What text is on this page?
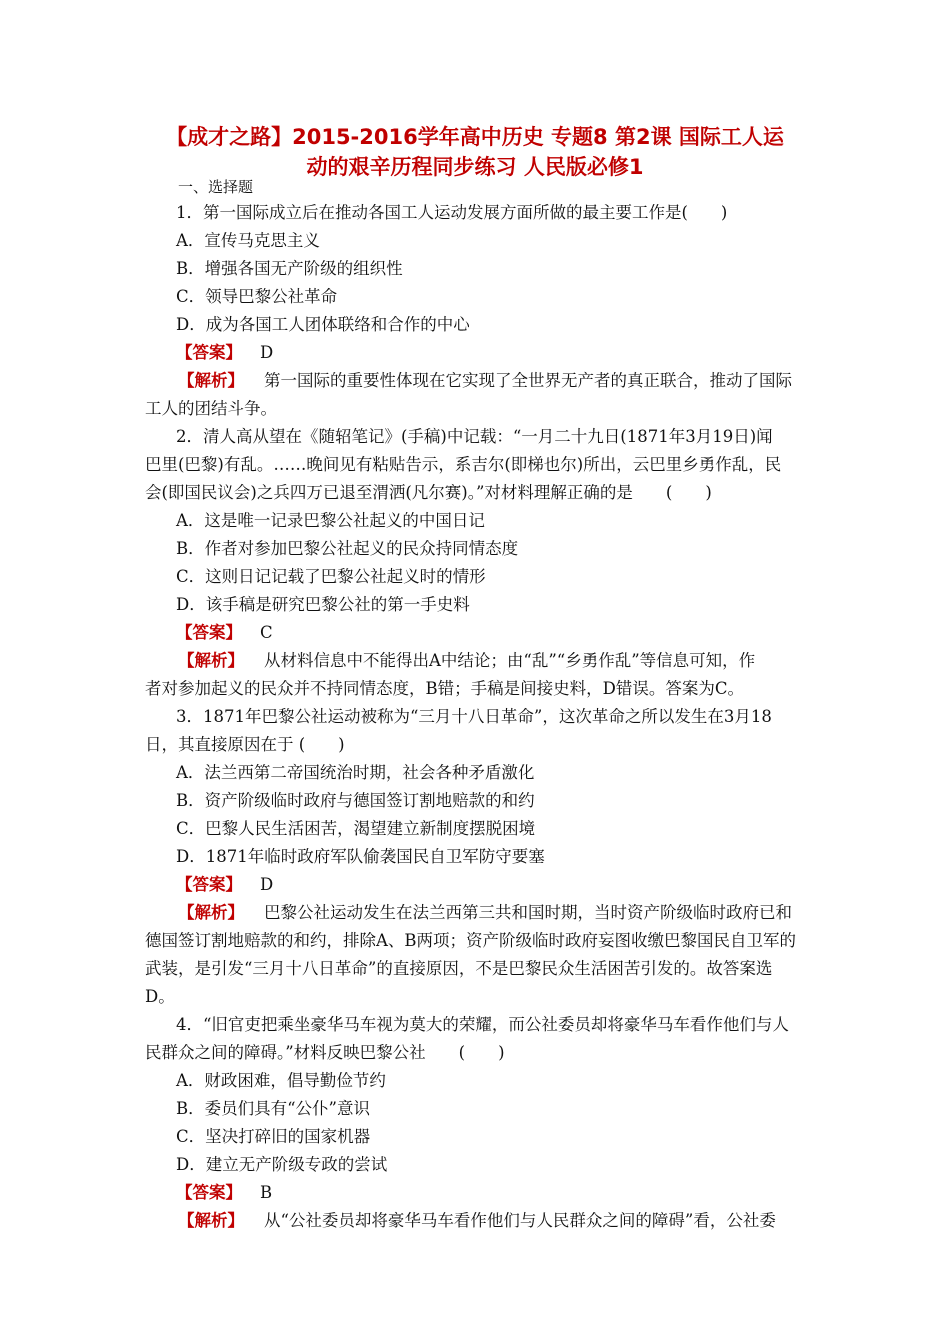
【成才之路】2015-2016学年高中历史 专题8 第2课 国际工人运
动的艰辛历程同步练习 人民版必修1
一、选择题
1．第一国际成立后在推动各国工人运动发展方面所做的最主要工作是(　　)
A．宣传马克思主义
B．增强各国无产阶级的组织性
C．领导巴黎公社革命
D．成为各国工人团体联络和合作的中心
【答案】 D
【解析】 第一国际的重要性体现在它实现了全世界无产者的真正联合，推动了国际
工人的团结斗争。
2．清人高从望在《随轺笔记》(手稿)中记载：“一月二十九日(1871年3月19日)闻
巴里(巴黎)有乱。……晚间见有粘贴告示，系吉尔(即梯也尔)所出，云巴里乡勇作乱，民
会(即国民议会)之兵四万已退至渭洒(凡尔赛)。”对材料理解正确的是　　(　　)
A．这是唯一记录巴黎公社起义的中国日记
B．作者对参加巴黎公社起义的民众持同情态度
C．这则日记记载了巴黎公社起义时的情形
D．该手稿是研究巴黎公社的第一手史料
【答案】 C
【解析】 从材料信息中不能得出A中结论；由“乱”“乡勇作乱”等信息可知，作
者对参加起义的民众并不持同情态度，B错；手稿是间接史料，D错误。答案为C。
3．1871年巴黎公社运动被称为“三月十八日革命”，这次革命之所以发生在3月18
日，其直接原因在于 (　　)
A．法兰西第二帝国统治时期，社会各种矛盾激化
B．资产阶级临时政府与德国签订割地赔款的和约
C．巴黎人民生活困苦，渴望建立新制度摆脱困境
D．1871年临时政府军队偷袭国民自卫军防守要塞
【答案】 D
【解析】 巴黎公社运动发生在法兰西第三共和国时期，当时资产阶级临时政府已和
德国签订割地赔款的和约，排除A、B两项；资产阶级临时政府妄图收缴巴黎国民自卫军的
武装，是引发“三月十八日革命”的直接原因，不是巴黎民众生活困苦引发的。故答案选
D。
4．“旧官吏把乘坐豪华马车视为莫大的荣耀，而公社委员却将豪华马车看作他们与人
民群众之间的障碍。”材料反映巴黎公社　　(　　)
A．财政困难，倡导勤俭节约
B．委员们具有“公仆”意识
C．坚决打碎旧的国家机器
D．建立无产阶级专政的尝试
【答案】 B
【解析】 从“公社委员却将豪华马车看作他们与人民群众之间的障碍”看，公社委
